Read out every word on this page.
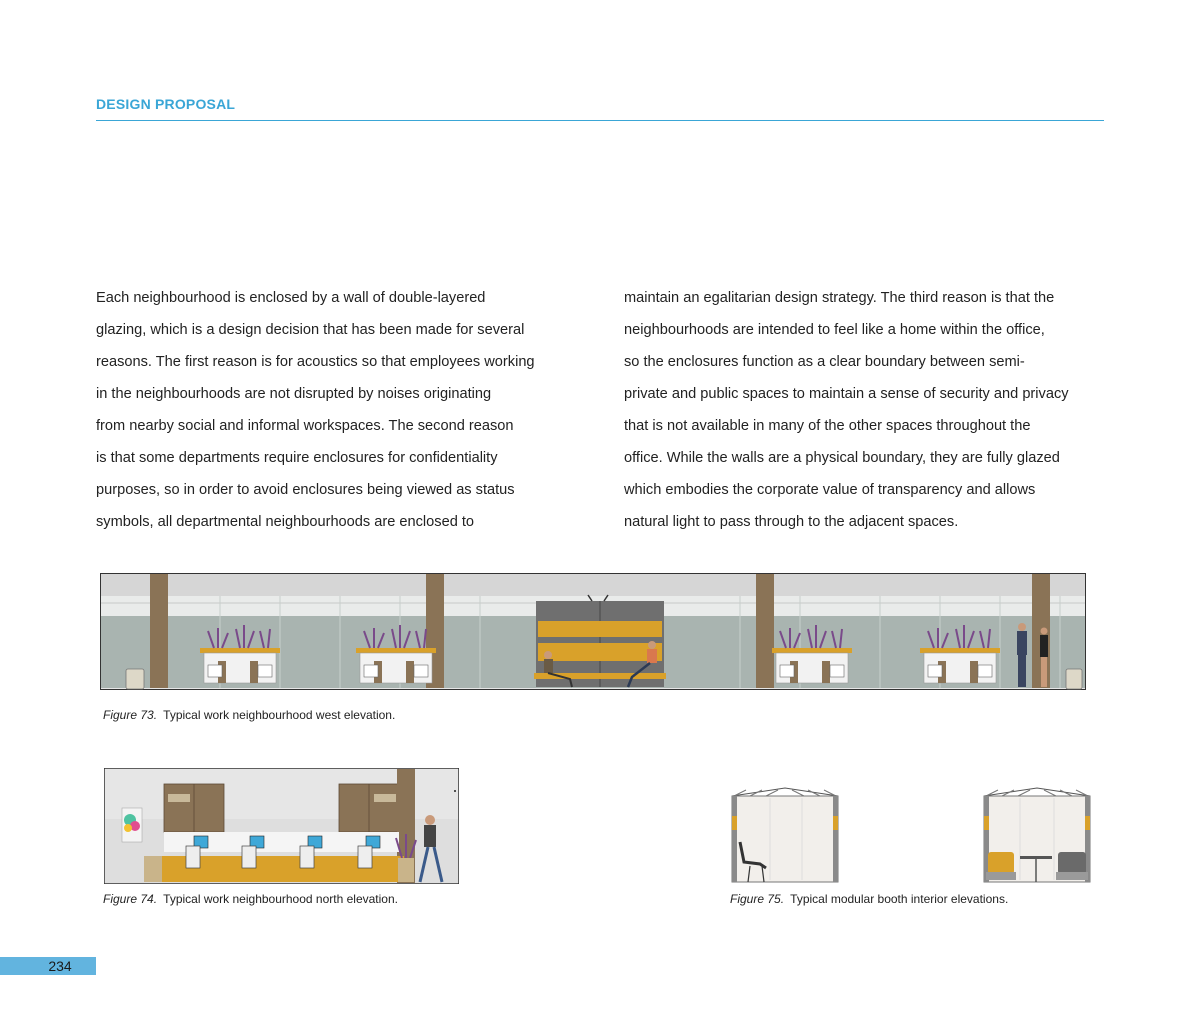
DESIGN PROPOSAL
Each neighbourhood is enclosed by a wall of double-layered
glazing, which is a design decision that has been made for several
reasons. The first reason is for acoustics so that employees working
in the neighbourhoods are not disrupted by noises originating
from nearby social and informal workspaces. The second reason
is that some departments require enclosures for confidentiality
purposes, so in order to avoid enclosures being viewed as status
symbols, all departmental neighbourhoods are enclosed to
maintain an egalitarian design strategy. The third reason is that the
neighbourhoods are intended to feel like a home within the office,
so the enclosures function as a clear boundary between semi-
private and public spaces to maintain a sense of security and privacy
that is not available in many of the other spaces throughout the
office. While the walls are a physical boundary, they are fully glazed
which embodies the corporate value of transparency and allows
natural light to pass through to the adjacent spaces.
Figure 73. Typical work neighbourhood west elevation.
Figure 74. Typical work neighbourhood north elevation.	Figure 75. Typical modular booth interior elevations.
234
